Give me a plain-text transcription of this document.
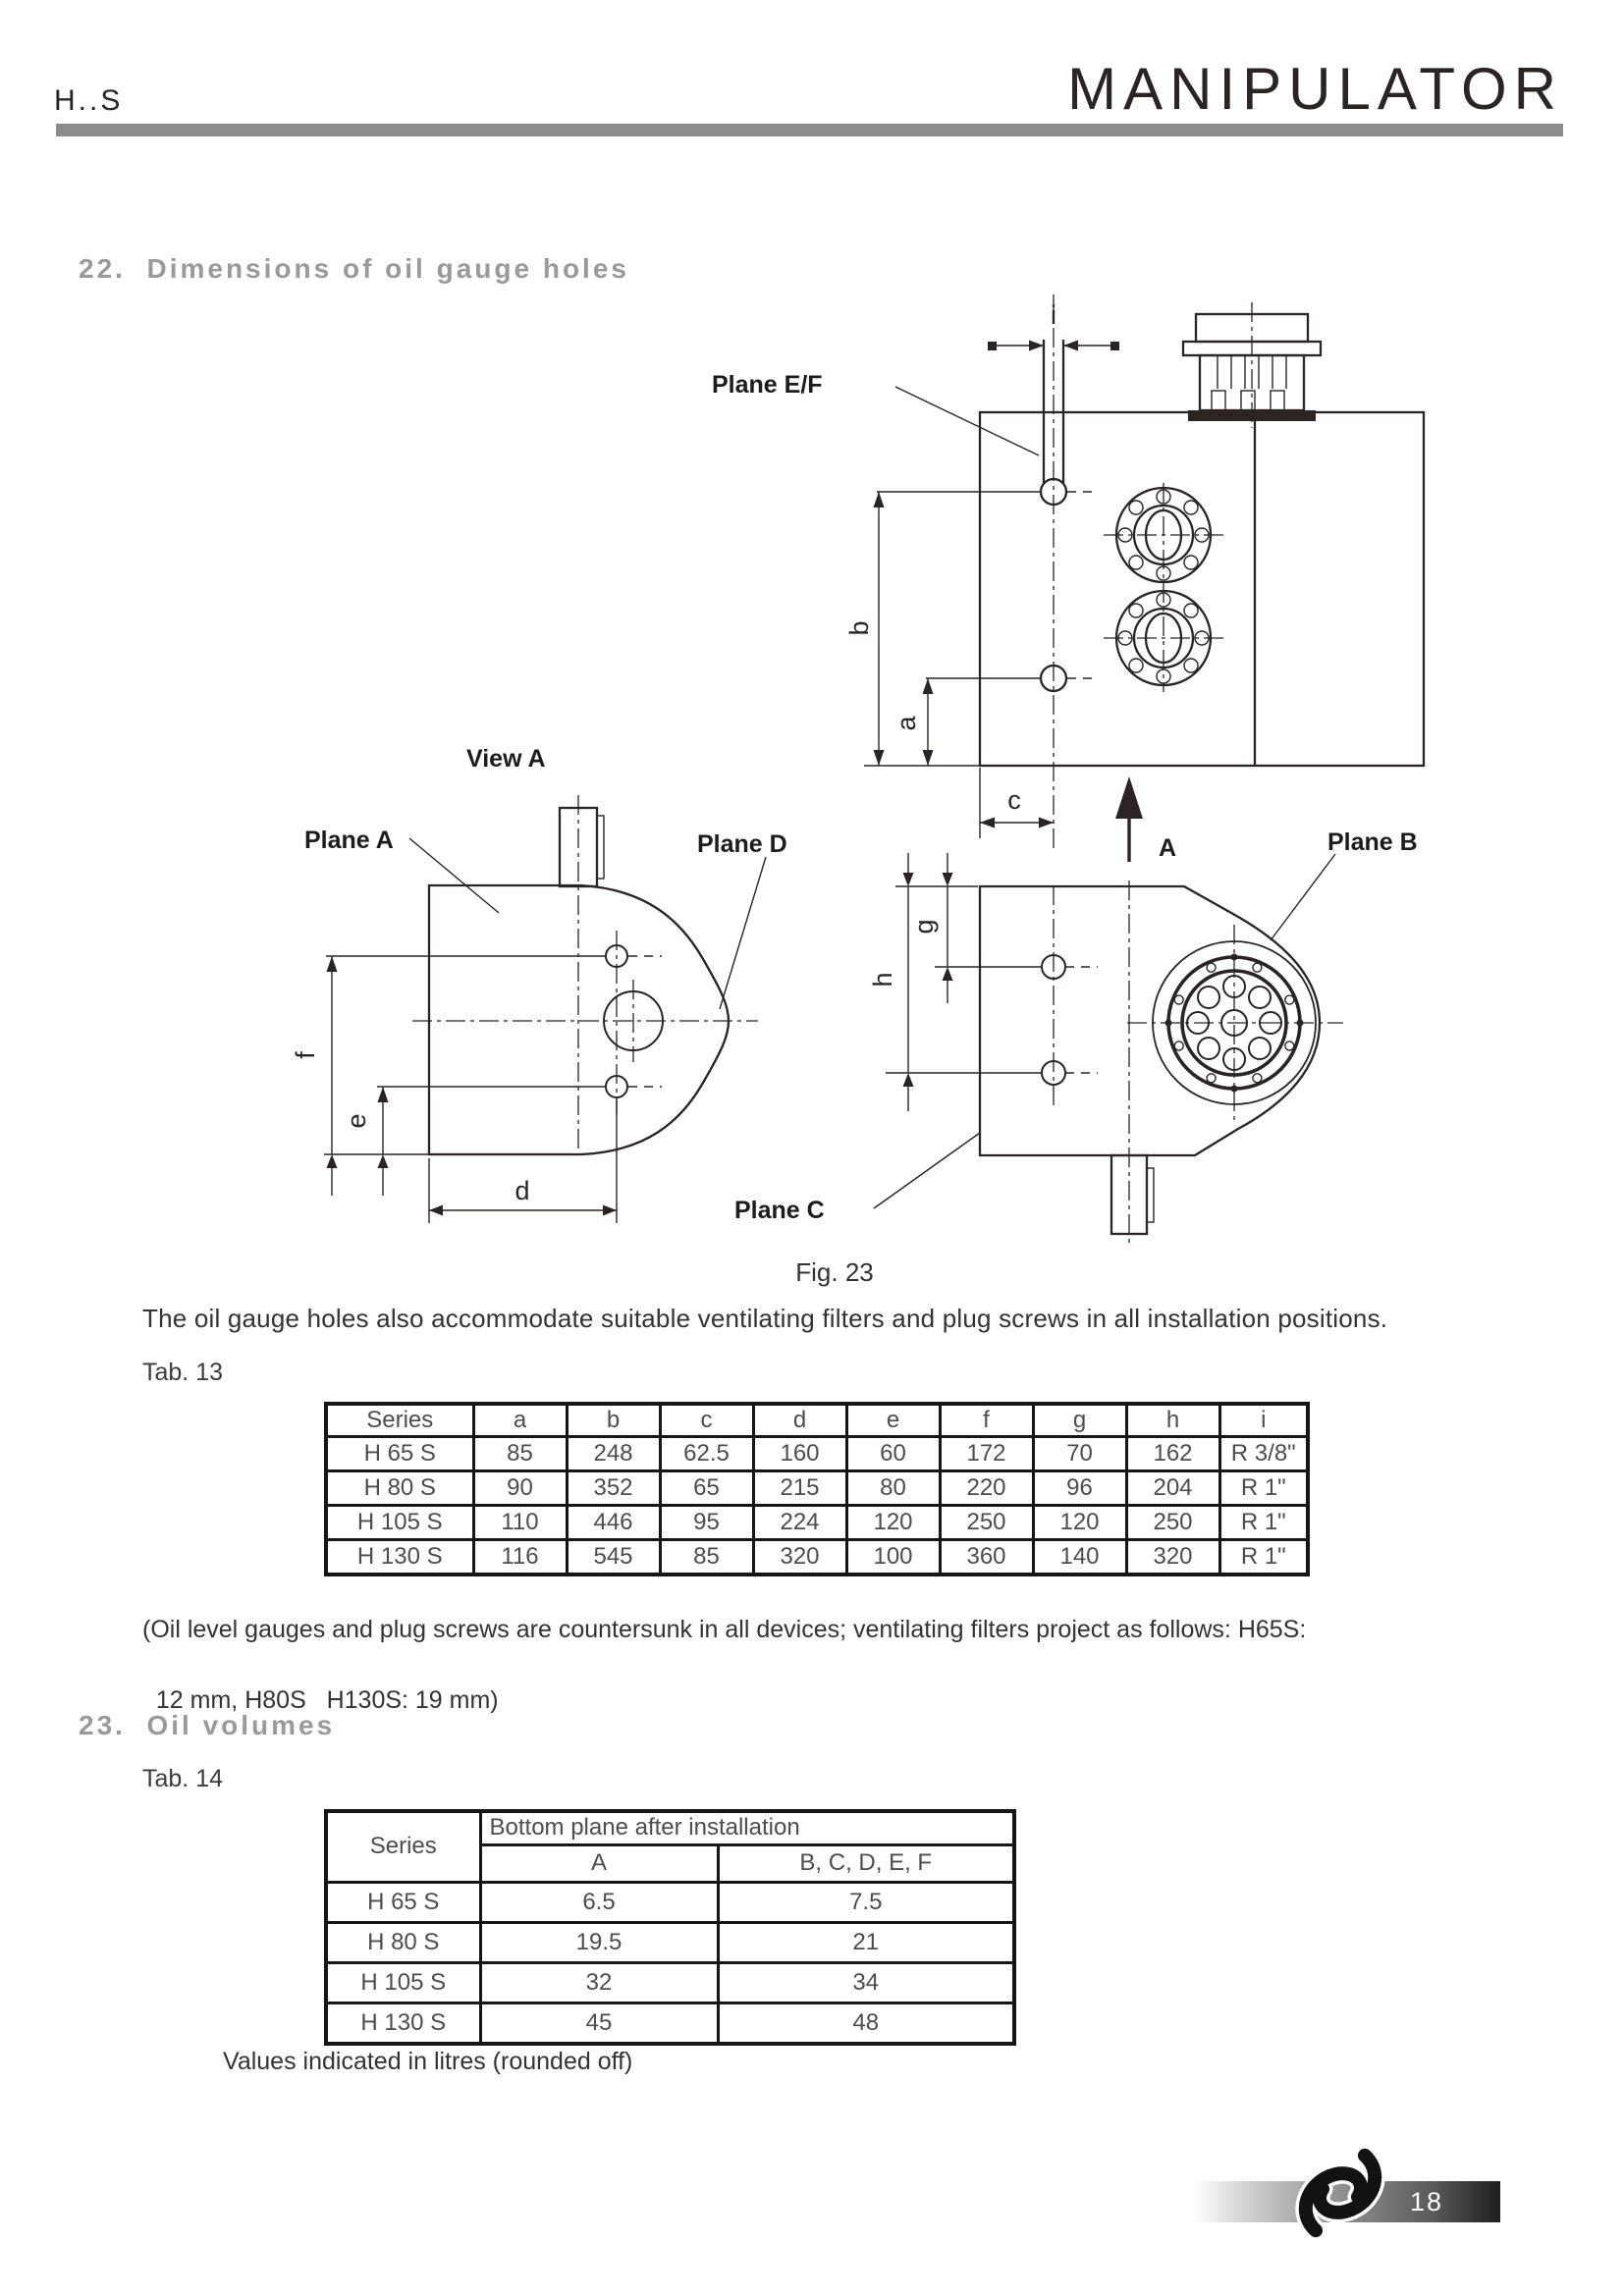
H..S	MANIPULATOR
22.  Dimensions of oil gauge holes
i
b
a
c
A
Plane E/F
g
h
Plane D	Plane B
Plane C
View A
f
e
d
Plane A
Fig. 23
The oil gauge holes also accommodate suitable ventilating filters and plug screws in all installation positions.
Tab. 13
Series	a	b	c	d	e	f	g	h	i
H 65 S	85	248	62.5	160	60	172	70	162	R 3/8"
H 80 S	90	352	65	215	80	220	96	204	R 1"
H 105 S	110	446	95	224	120	250	120	250	R 1"
H 130 S	116	545	85	320	100	360	140	320	R 1"
(Oil level gauges and plug screws are countersunk in all devices; ventilating filters project as follows: H65S:

12 mm, H80S   H130S: 19 mm)
23.  Oil volumes
Tab. 14
Series	Bottom plane after installation	
	A	B, C, D, E, F
H 65 S	6.5	7.5
H 80 S	19.5	21
H 105 S	32	34
H 130 S	45	48
Values indicated in litres (rounded off)
18
